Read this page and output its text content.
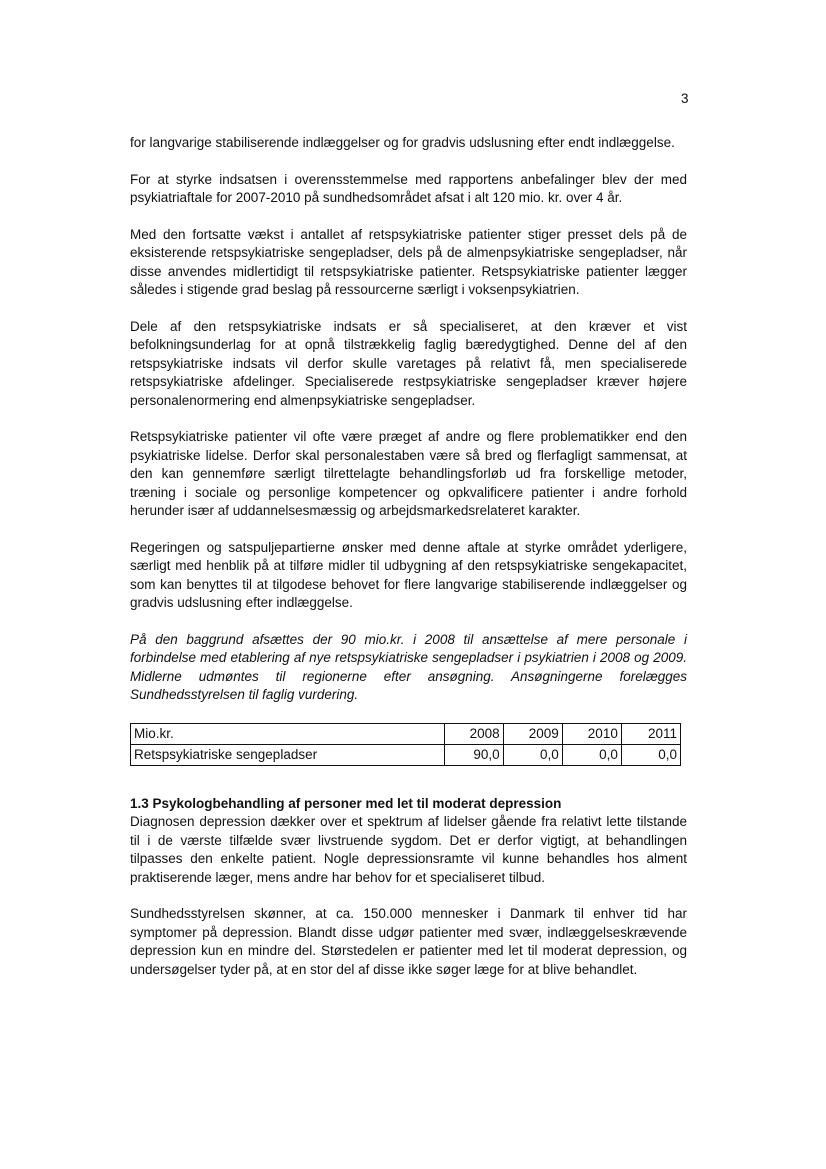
3

for langvarige stabiliserende indlæggelser og for gradvis udslusning efter endt indlæggelse.

For at styrke indsatsen i overensstemmelse med rapportens anbefalinger blev der med psykiatriaftale for 2007-2010 på sundhedsområdet afsat i alt 120 mio. kr. over 4 år.

Med den fortsatte vækst i antallet af retspsykiatriske patienter stiger presset dels på de eksisterende retspsykiatriske sengepladser, dels på de almenpsykiatriske sengepladser, når disse anvendes midlertidigt til retspsykiatriske patienter. Retspsykiatriske patienter lægger således i stigende grad beslag på ressourcerne særligt i voksenpsykiatrien.

Dele af den retspsykiatriske indsats er så specialiseret, at den kræver et vist befolkningsunderlag for at opnå tilstrækkelig faglig bæredygtighed. Denne del af den retspsykiatriske indsats vil derfor skulle varetages på relativt få, men specialiserede retspsykiatriske afdelinger. Specialiserede restpsykiatriske sengepladser kræver højere personalenormering end almenpsykiatriske sengepladser.

Retspsykiatriske patienter vil ofte være præget af andre og flere problematikker end den psykiatriske lidelse. Derfor skal personalestaben være så bred og flerfagligt sammensat, at den kan gennemføre særligt tilrettelagte behandlingsforløb ud fra forskellige metoder, træning i sociale og personlige kompetencer og opkvalificere patienter i andre forhold herunder især af uddannelsesmæssig og arbejdsmarkedsrelateret karakter.

Regeringen og satspuljepartierne ønsker med denne aftale at styrke området yderligere, særligt med henblik på at tilføre midler til udbygning af den retspsykiatriske sengekapacitet, som kan benyttes til at tilgodese behovet for flere langvarige stabiliserende indlæggelser og gradvis udslusning efter indlæggelse.

På den baggrund afsættes der 90 mio.kr. i 2008 til ansættelse af mere personale i forbindelse med etablering af nye retspsykiatriske sengepladser i psykiatrien i 2008 og 2009. Midlerne udmøntes til regionerne efter ansøgning. Ansøgningerne forelægges Sundhedsstyrelsen til faglig vurdering.

Mio.kr.	2008	2009	2010	2011
Retspsykiatriske sengepladser	90,0	0,0	0,0	0,0

1.3 Psykologbehandling af personer med let til moderat depression

Diagnosen depression dækker over et spektrum af lidelser gående fra relativt lette tilstande til i de værste tilfælde svær livstruende sygdom. Det er derfor vigtigt, at behandlingen tilpasses den enkelte patient. Nogle depressionsramte vil kunne behandles hos alment praktiserende læger, mens andre har behov for et specialiseret tilbud.

Sundhedsstyrelsen skønner, at ca. 150.000 mennesker i Danmark til enhver tid har symptomer på depression. Blandt disse udgør patienter med svær, indlæggelseskrævende depression kun en mindre del. Størstedelen er patienter med let til moderat depression, og undersøgelser tyder på, at en stor del af disse ikke søger læge for at blive behandlet.
